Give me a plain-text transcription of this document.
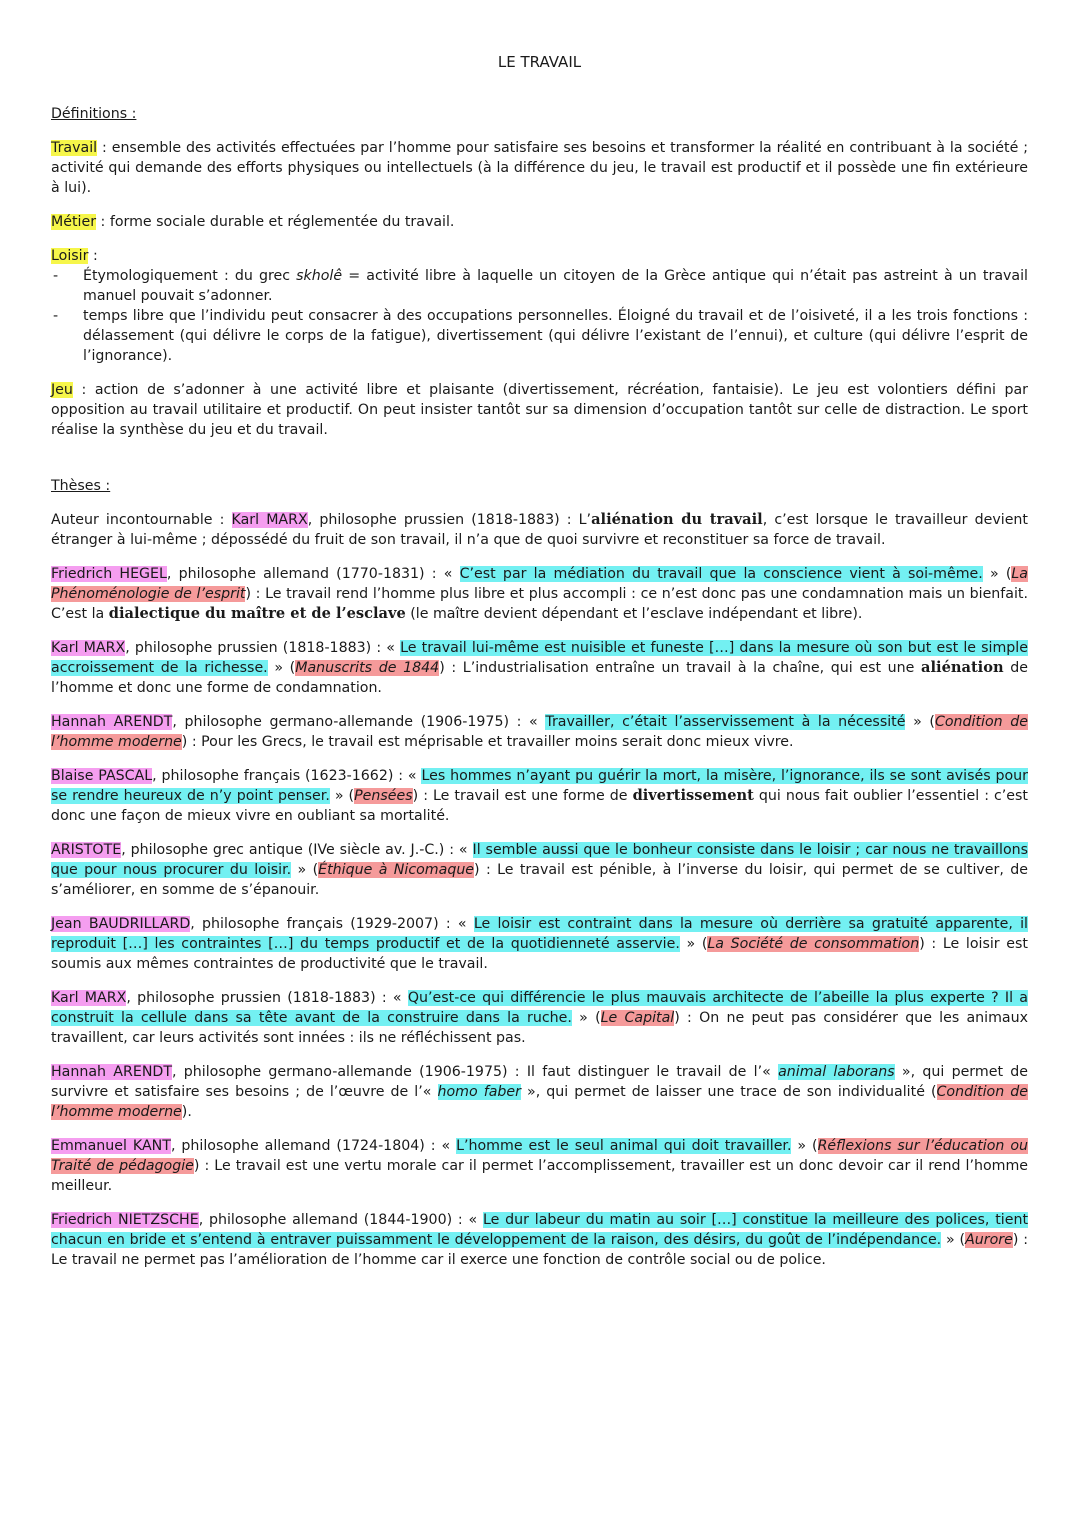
LE TRAVAIL
Définitions :
Travail : ensemble des activités effectuées par l’homme pour satisfaire ses besoins et transformer la réalité en contribuant à la société ; activité qui demande des efforts physiques ou intellectuels (à la différence du jeu, le travail est productif et il possède une fin extérieure à lui).
Métier : forme sociale durable et réglementée du travail.
Loisir :
- Étymologiquement : du grec skholê = activité libre à laquelle un citoyen de la Grèce antique qui n’était pas astreint à un travail manuel pouvait s’adonner.
- temps libre que l’individu peut consacrer à des occupations personnelles. Éloigné du travail et de l’oisiveté, il a les trois fonctions : délassement (qui délivre le corps de la fatigue), divertissement (qui délivre l’existant de l’ennui), et culture (qui délivre l’esprit de l’ignorance).
Jeu : action de s’adonner à une activité libre et plaisante (divertissement, récréation, fantaisie). Le jeu est volontiers défini par opposition au travail utilitaire et productif. On peut insister tantôt sur sa dimension d’occupation tantôt sur celle de distraction. Le sport réalise la synthèse du jeu et du travail.
Thèses :
Auteur incontournable : Karl MARX, philosophe prussien (1818-1883) : L’aliénation du travail, c’est lorsque le travailleur devient étranger à lui-même ; dépossédé du fruit de son travail, il n’a que de quoi survivre et reconstituer sa force de travail.
Friedrich HEGEL, philosophe allemand (1770-1831) : « C’est par la médiation du travail que la conscience vient à soi-même. » (La Phénoménologie de l’esprit) : Le travail rend l’homme plus libre et plus accompli : ce n’est donc pas une condamnation mais un bienfait. C’est la dialectique du maître et de l’esclave (le maître devient dépendant et l’esclave indépendant et libre).
Karl MARX, philosophe prussien (1818-1883) : « Le travail lui-même est nuisible et funeste […] dans la mesure où son but est le simple accroissement de la richesse. » (Manuscrits de 1844) : L’industrialisation entraîne un travail à la chaîne, qui est une aliénation de l’homme et donc une forme de condamnation.
Hannah ARENDT, philosophe germano-allemande (1906-1975) : « Travailler, c’était l’asservissement à la nécessité » (Condition de l’homme moderne) : Pour les Grecs, le travail est méprisable et travailler moins serait donc mieux vivre.
Blaise PASCAL, philosophe français (1623-1662) : « Les hommes n’ayant pu guérir la mort, la misère, l’ignorance, ils se sont avisés pour se rendre heureux de n’y point penser. » (Pensées) : Le travail est une forme de divertissement qui nous fait oublier l’essentiel : c’est donc une façon de mieux vivre en oubliant sa mortalité.
ARISTOTE, philosophe grec antique (IVe siècle av. J.-C.) : « Il semble aussi que le bonheur consiste dans le loisir ; car nous ne travaillons que pour nous procurer du loisir. » (Éthique à Nicomaque) : Le travail est pénible, à l’inverse du loisir, qui permet de se cultiver, de s’améliorer, en somme de s’épanouir.
Jean BAUDRILLARD, philosophe français (1929-2007) : « Le loisir est contraint dans la mesure où derrière sa gratuité apparente, il reproduit […] les contraintes […] du temps productif et de la quotidienneté asservie. » (La Société de consommation) : Le loisir est soumis aux mêmes contraintes de productivité que le travail.
Karl MARX, philosophe prussien (1818-1883) : « Qu’est-ce qui différencie le plus mauvais architecte de l’abeille la plus experte ? Il a construit la cellule dans sa tête avant de la construire dans la ruche. » (Le Capital) : On ne peut pas considérer que les animaux travaillent, car leurs activités sont innées : ils ne réfléchissent pas.
Hannah ARENDT, philosophe germano-allemande (1906-1975) : Il faut distinguer le travail de l’« animal laborans », qui permet de survivre et satisfaire ses besoins ; de l’œuvre de l’« homo faber », qui permet de laisser une trace de son individualité (Condition de l’homme moderne).
Emmanuel KANT, philosophe allemand (1724-1804) : « L’homme est le seul animal qui doit travailler. » (Réflexions sur l’éducation ou Traité de pédagogie) : Le travail est une vertu morale car il permet l’accomplissement, travailler est un donc devoir car il rend l’homme meilleur.
Friedrich NIETZSCHE, philosophe allemand (1844-1900) : « Le dur labeur du matin au soir […] constitue la meilleure des polices, tient chacun en bride et s’entend à entraver puissamment le développement de la raison, des désirs, du goût de l’indépendance. » (Aurore) : Le travail ne permet pas l’amélioration de l’homme car il exerce une fonction de contrôle social ou de police.
